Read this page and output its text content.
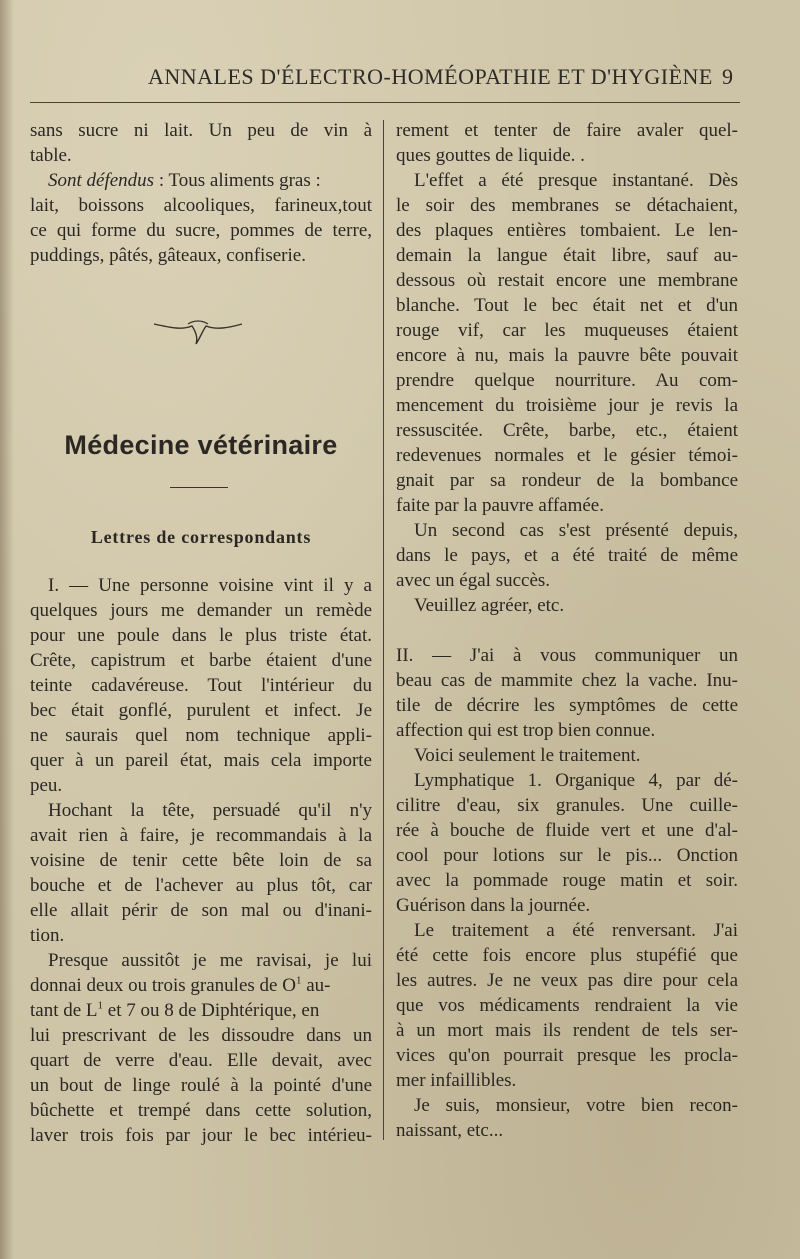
ANNALES D'ÉLECTRO-HOMÉOPATHIE ET D'HYGIÈNE 9
sans sucre ni lait. Un peu de vin à
table.
Sont défendus : Tous aliments gras :
lait, boissons alcooliques, farineux,tout
ce qui forme du sucre, pommes de terre,
puddings, pâtés, gâteaux, confiserie.
Médecine vétérinaire
Lettres de correspondants
I. — Une personne voisine vint il y a
quelques jours me demander un remède
pour une poule dans le plus triste état.
Crête, capistrum et barbe étaient d'une
teinte cadavéreuse. Tout l'intérieur du
bec était gonflé, purulent et infect. Je
ne saurais quel nom technique appli-
quer à un pareil état, mais cela importe
peu.
Hochant la tête, persuadé qu'il n'y
avait rien à faire, je recommandais à la
voisine de tenir cette bête loin de sa
bouche et de l'achever au plus tôt, car
elle allait périr de son mal ou d'inani-
tion.
Presque aussitôt je me ravisai, je lui
donnai deux ou trois granules de $O^1$ au-
tant de $L^1$ et 7 ou 8 de Diphtérique, en
lui prescrivant de les dissoudre dans un
quart de verre d'eau. Elle devait, avec
un bout de linge roulé à la pointé d'une
bûchette et trempé dans cette solution,
laver trois fois par jour le bec intérieu-
rement et tenter de faire avaler quel-
ques gouttes de liquide. .
L'effet a été presque instantané. Dès
le soir des membranes se détachaient,
des plaques entières tombaient. Le len-
demain la langue était libre, sauf au-
dessous où restait encore une membrane
blanche. Tout le bec était net et d'un
rouge vif, car les muqueuses étaient
encore à nu, mais la pauvre bête pouvait
prendre quelque nourriture. Au com-
mencement du troisième jour je revis la
ressuscitée. Crête, barbe, etc., étaient
redevenues normales et le gésier témoi-
gnait par sa rondeur de la bombance
faite par la pauvre affamée.
Un second cas s'est présenté depuis,
dans le pays, et a été traité de même
avec un égal succès.
Veuillez agréer, etc.
II. — J'ai à vous communiquer un
beau cas de mammite chez la vache. Inu-
tile de décrire les symptômes de cette
affection qui est trop bien connue.
Voici seulement le traitement.
Lymphatique 1. Organique 4, par dé-
cilitre d'eau, six granules. Une cuille-
rée à bouche de fluide vert et une d'al-
cool pour lotions sur le pis... Onction
avec la pommade rouge matin et soir.
Guérison dans la journée.
Le traitement a été renversant. J'ai
été cette fois encore plus stupéfié que
les autres. Je ne veux pas dire pour cela
que vos médicaments rendraient la vie
à un mort mais ils rendent de tels ser-
vices qu'on pourrait presque les procla-
mer infaillibles.
Je suis, monsieur, votre bien recon-
naissant, etc...
